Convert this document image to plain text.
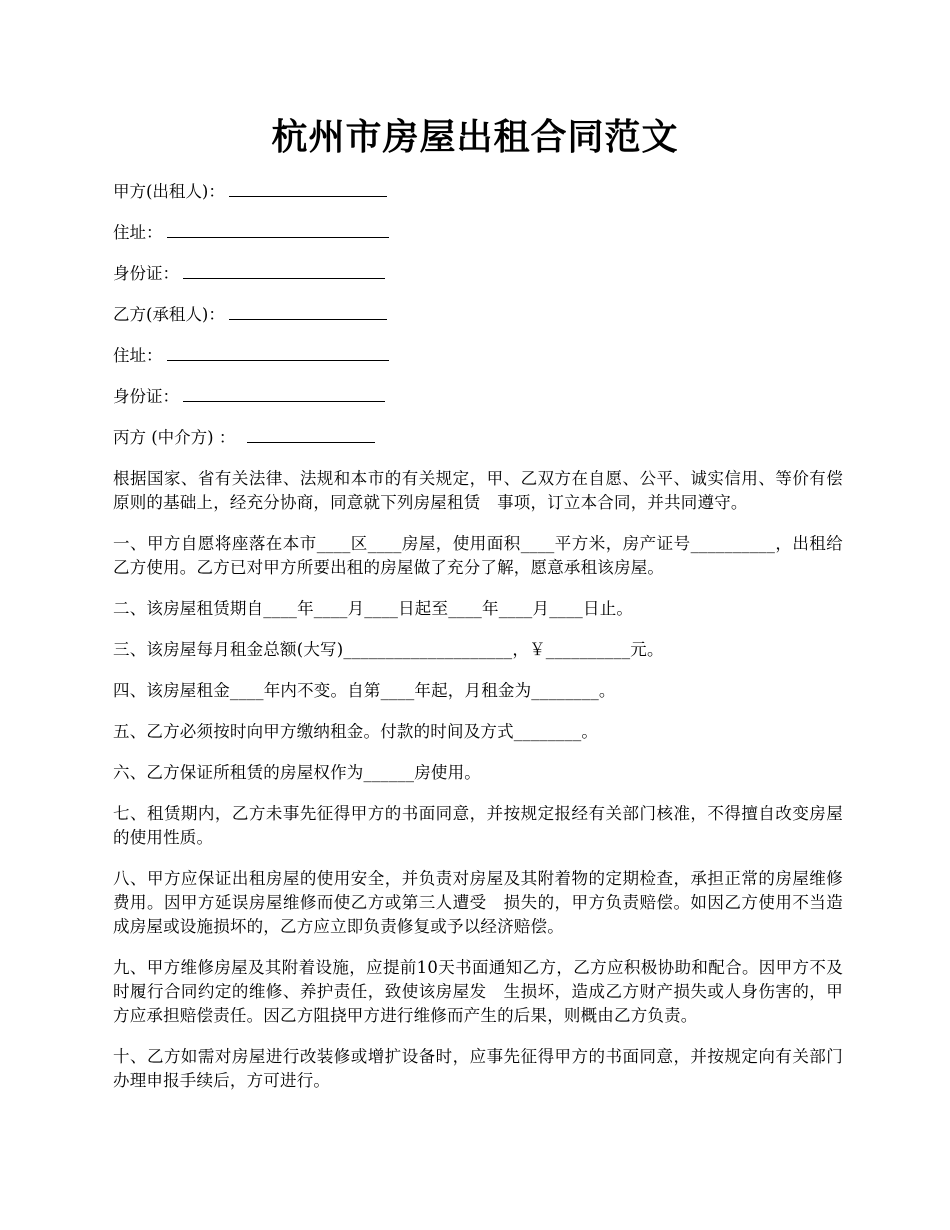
杭州市房屋出租合同范文
甲方(出租人)：
住址：
身份证：
乙方(承租人)：
住址：
身份证：
丙方 (中介方) ：

根据国家、省有关法律、法规和本市的有关规定，甲、乙双方在自愿、公平、诚实信用、等价有偿原则的基础上，经充分协商，同意就下列房屋租赁　事项，订立本合同，并共同遵守。

一、甲方自愿将座落在本市____区____房屋，使用面积____平方米，房产证号__________，出租给乙方使用。乙方已对甲方所要出租的房屋做了充分了解，愿意承租该房屋。

二、该房屋租赁期自____年____月____日起至____年____月____日止。

三、该房屋每月租金总额(大写)____________________，￥__________元。

四、该房屋租金____年内不变。自第____年起，月租金为________。

五、乙方必须按时向甲方缴纳租金。付款的时间及方式________。

六、乙方保证所租赁的房屋权作为______房使用。

七、租赁期内，乙方未事先征得甲方的书面同意，并按规定报经有关部门核准，不得擅自改变房屋的使用性质。

八、甲方应保证出租房屋的使用安全，并负责对房屋及其附着物的定期检查，承担正常的房屋维修费用。因甲方延误房屋维修而使乙方或第三人遭受　损失的，甲方负责赔偿。如因乙方使用不当造成房屋或设施损坏的，乙方应立即负责修复或予以经济赔偿。

九、甲方维修房屋及其附着设施，应提前10天书面通知乙方，乙方应积极协助和配合。因甲方不及时履行合同约定的维修、养护责任，致使该房屋发　生损坏，造成乙方财产损失或人身伤害的，甲方应承担赔偿责任。因乙方阻挠甲方进行维修而产生的后果，则概由乙方负责。

十、乙方如需对房屋进行改装修或增扩设备时，应事先征得甲方的书面同意，并按规定向有关部门办理申报手续后，方可进行。
